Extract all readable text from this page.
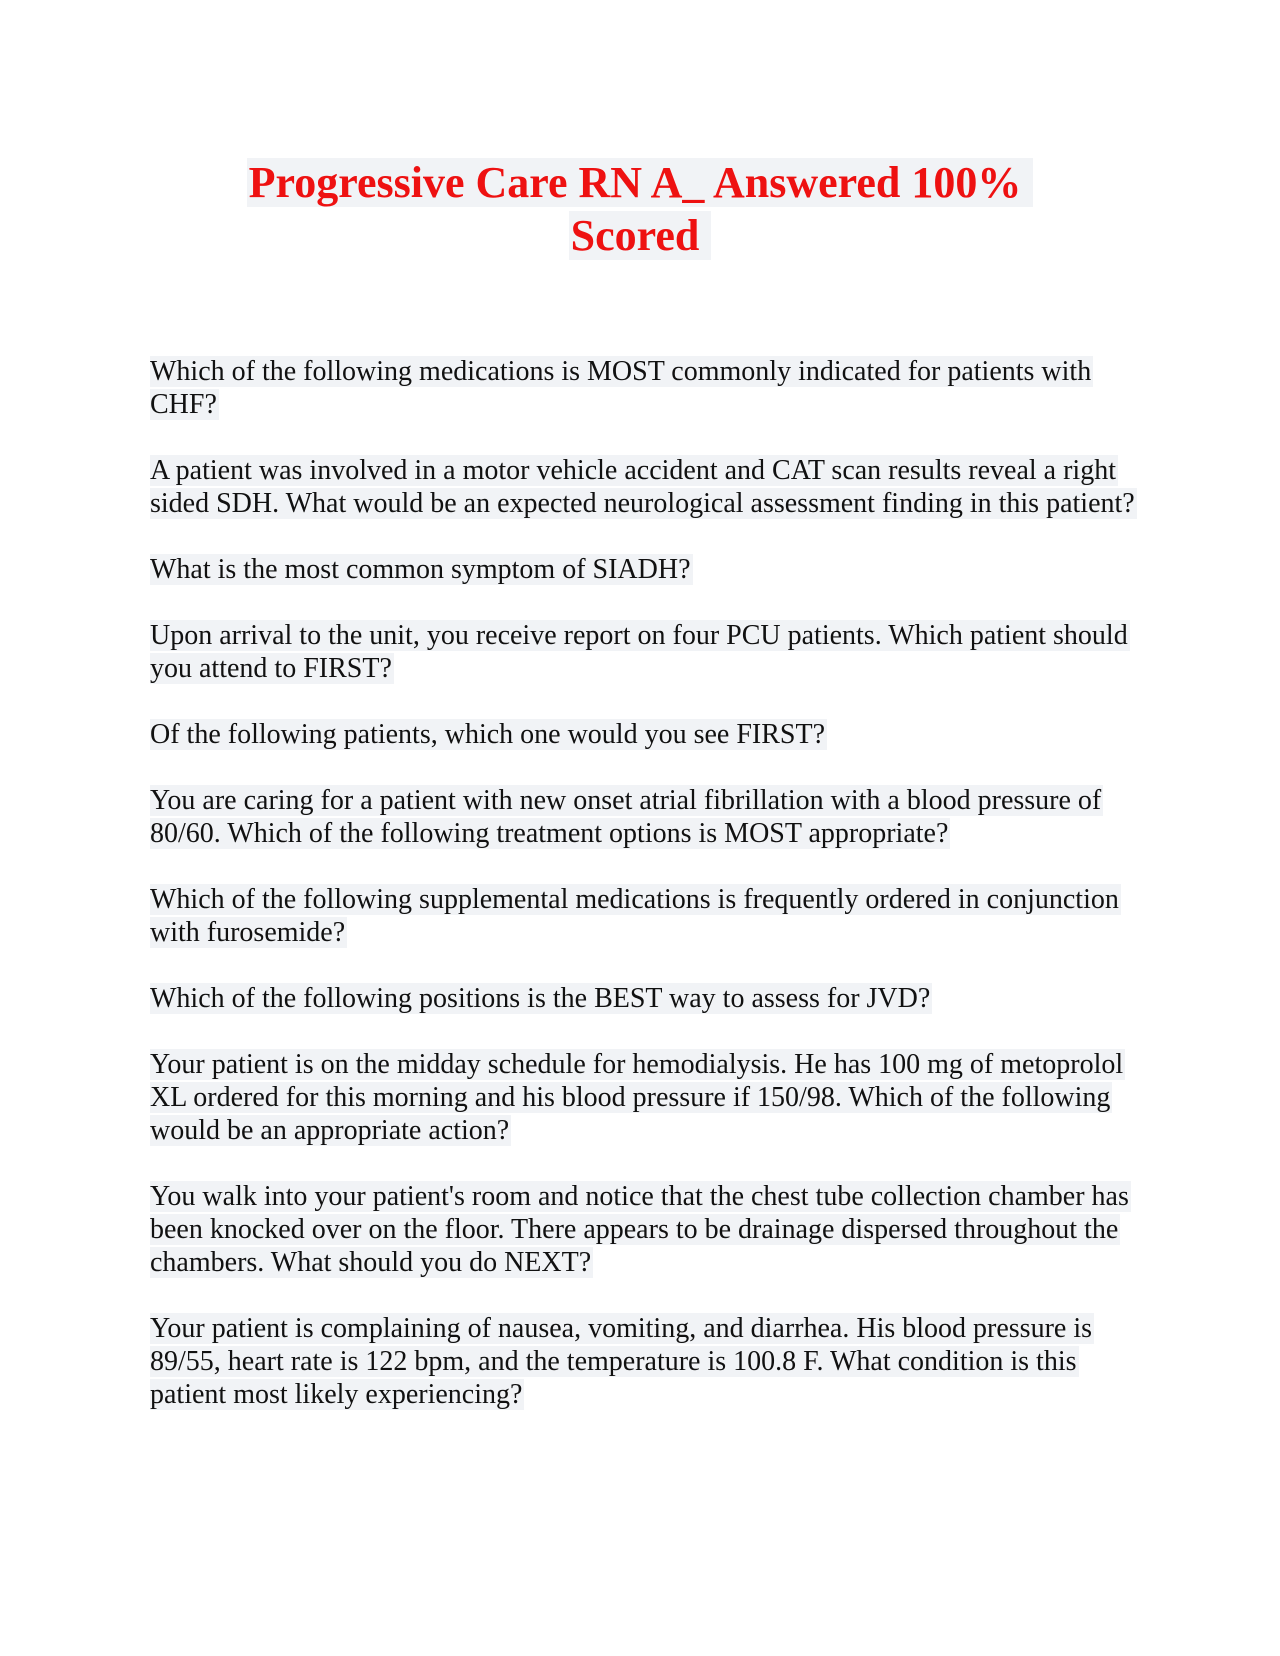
Progressive Care RN A_ Answered 100%
Scored

Which of the following medications is MOST commonly indicated for patients with CHF?

A patient was involved in a motor vehicle accident and CAT scan results reveal a right sided SDH. What would be an expected neurological assessment finding in this patient?

What is the most common symptom of SIADH?

Upon arrival to the unit, you receive report on four PCU patients. Which patient should you attend to FIRST?

Of the following patients, which one would you see FIRST?

You are caring for a patient with new onset atrial fibrillation with a blood pressure of 80/60. Which of the following treatment options is MOST appropriate?

Which of the following supplemental medications is frequently ordered in conjunction with furosemide?

Which of the following positions is the BEST way to assess for JVD?

Your patient is on the midday schedule for hemodialysis. He has 100 mg of metoprolol XL ordered for this morning and his blood pressure if 150/98. Which of the following would be an appropriate action?

You walk into your patient's room and notice that the chest tube collection chamber has been knocked over on the floor. There appears to be drainage dispersed throughout the chambers. What should you do NEXT?

Your patient is complaining of nausea, vomiting, and diarrhea. His blood pressure is 89/55, heart rate is 122 bpm, and the temperature is 100.8 F. What condition is this patient most likely experiencing?
